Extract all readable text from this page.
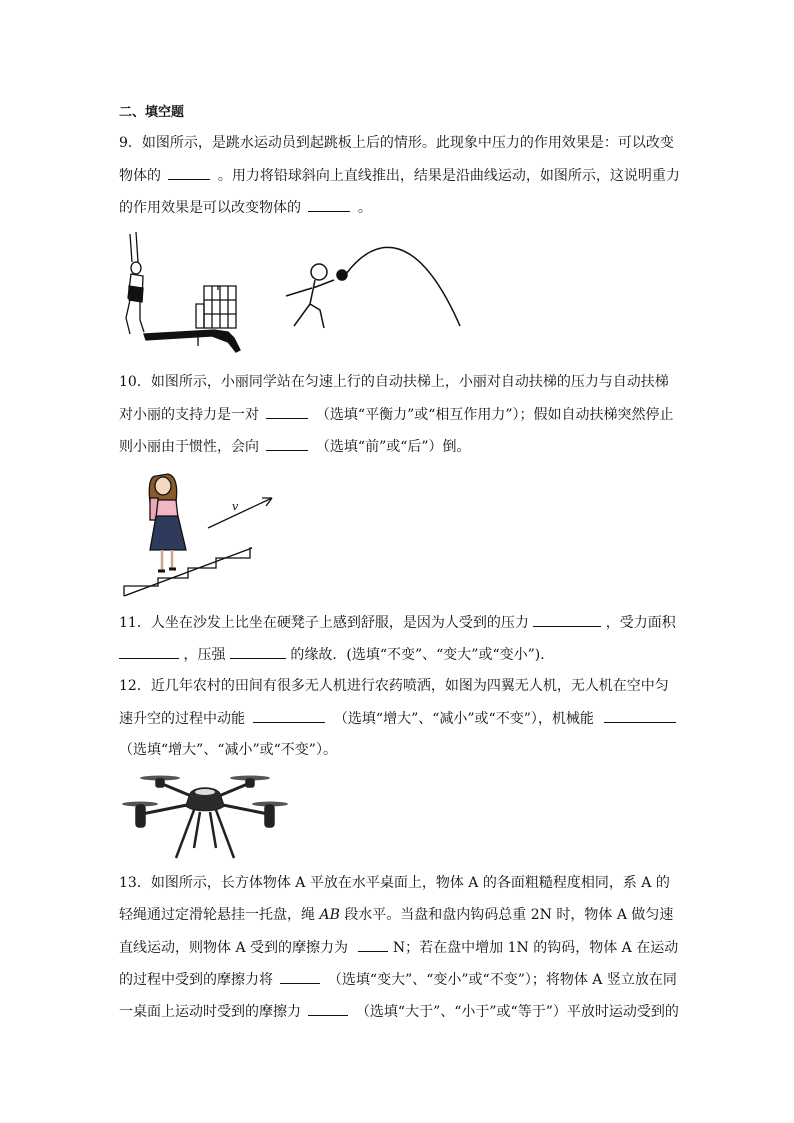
二、填空题
9．如图所示，是跳水运动员到起跳板上后的情形。此现象中压力的作用效果是：可以改变
物体的	。用力将铅球斜向上直线推出，结果是沿曲线运动，如图所示，这说明重力
的作用效果是可以改变物体的	。
10．如图所示，小丽同学站在匀速上行的自动扶梯上，小丽对自动扶梯的压力与自动扶梯
对小丽的支持力是一对	（选填“平衡力”或“相互作用力”）；假如自动扶梯突然停止
则小丽由于惯性，会向	（选填“前”或“后”）倒。
v
11．人坐在沙发上比坐在硬凳子上感到舒服，是因为人受到的压力	，受力面积
，压强	的缘故．(选填“不变”、“变大”或“变小”)．
12．近几年农村的田间有很多无人机进行农药喷洒，如图为四翼无人机，无人机在空中匀
速升空的过程中动能	（选填“增大”、“减小”或“不变”），机械能
（选填“增大”、“减小”或“不变”）。
13．如图所示，长方体物体 A 平放在水平桌面上，物体 A 的各面粗糙程度相同，系 A 的
轻绳通过定滑轮悬挂一托盘，绳 AB 段水平。当盘和盘内钩码总重 2N 时，物体 A 做匀速
直线运动，则物体 A 受到的摩擦力为	N；若在盘中增加 1N 的钩码，物体 A 在运动
的过程中受到的摩擦力将	（选填“变大”、“变小”或“不变”）；将物体 A 竖立放在同
一桌面上运动时受到的摩擦力	（选填“大于”、“小于”或“等于”）平放时运动受到的
